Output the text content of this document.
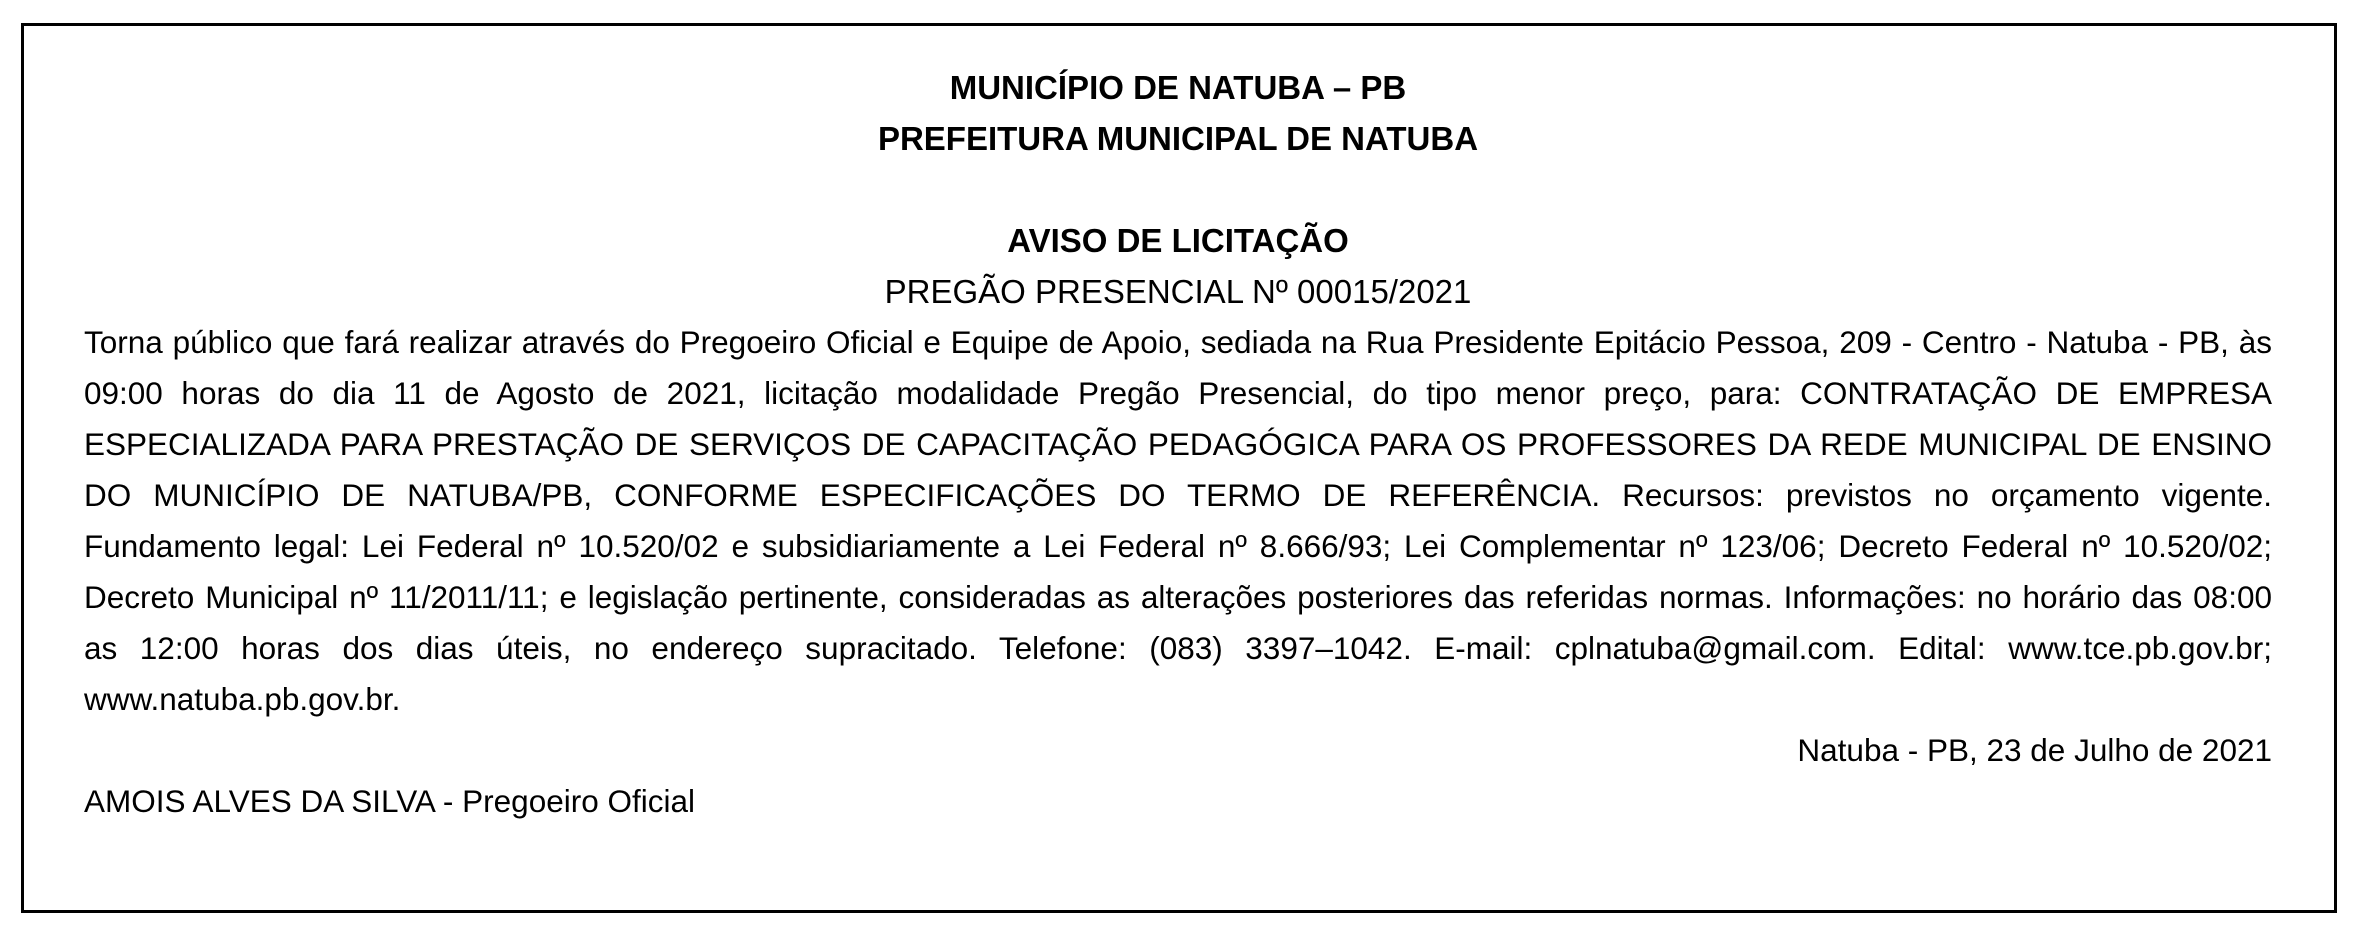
MUNICÍPIO DE NATUBA – PB
PREFEITURA MUNICIPAL DE NATUBA
AVISO DE LICITAÇÃO
PREGÃO PRESENCIAL Nº 00015/2021

Torna público que fará realizar através do Pregoeiro Oficial e Equipe de Apoio, sediada na Rua Presidente Epitácio Pessoa, 209 - Centro - Natuba - PB, às 09:00 horas do dia 11 de Agosto de 2021, licitação modalidade Pregão Presencial, do tipo menor preço, para: CONTRATAÇÃO DE EMPRESA ESPECIALIZADA PARA PRESTAÇÃO DE SERVIÇOS DE CAPACITAÇÃO PEDAGÓGICA PARA OS PROFESSORES DA REDE MUNICIPAL DE ENSINO DO MUNICÍPIO DE NATUBA/PB, CONFORME ESPECIFICAÇÕES DO TERMO DE REFERÊNCIA. Recursos: previstos no orçamento vigente. Fundamento legal: Lei Federal nº 10.520/02 e subsidiariamente a Lei Federal nº 8.666/93; Lei Complementar nº 123/06; Decreto Federal nº 10.520/02; Decreto Municipal nº 11/2011/11; e legislação pertinente, consideradas as alterações posteriores das referidas normas. Informações: no horário das 08:00 as 12:00 horas dos dias úteis, no endereço supracitado. Telefone: (083) 3397–1042. E-mail: cplnatuba@gmail.com. Edital: www.tce.pb.gov.br; www.natuba.pb.gov.br.

Natuba - PB, 23 de Julho de 2021
AMOIS ALVES DA SILVA - Pregoeiro Oficial
